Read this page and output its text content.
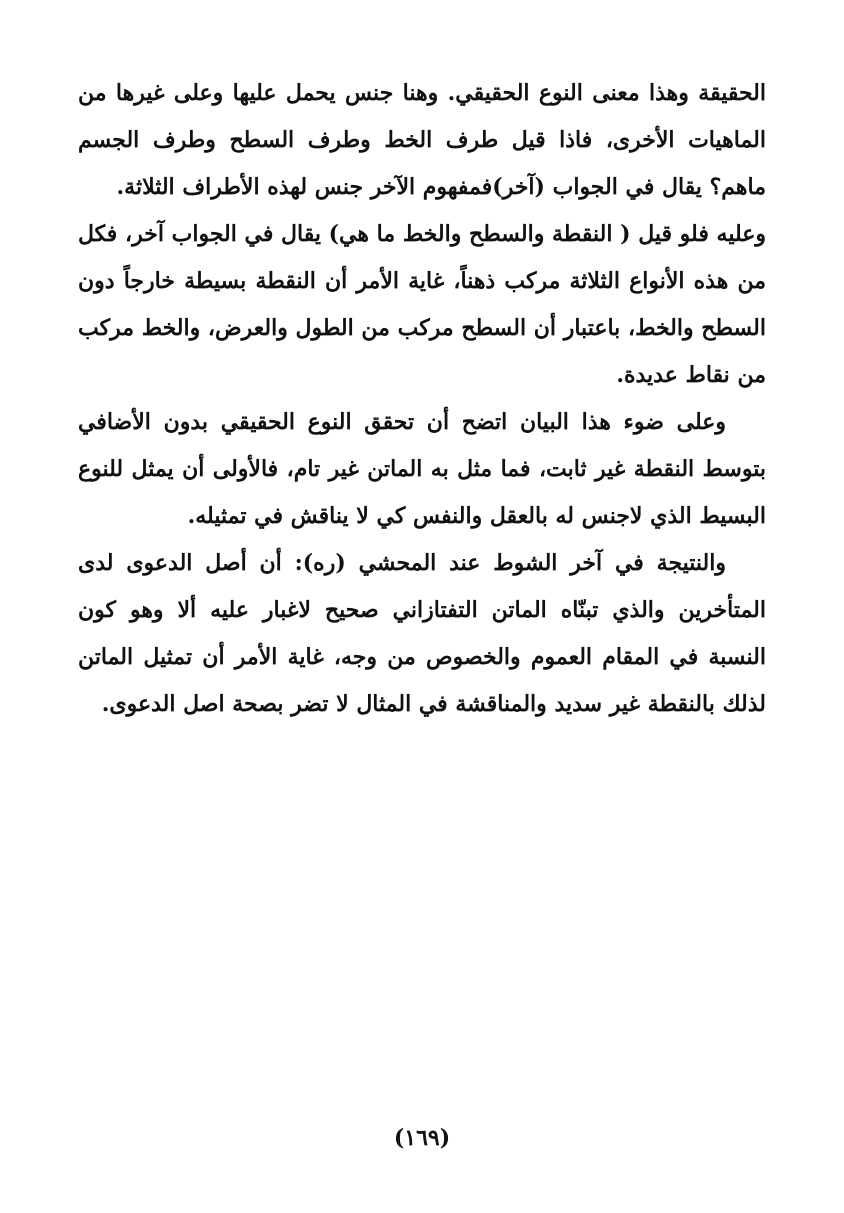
الحقيقة وهذا معنى النوع الحقيقي. وهنا جنس يحمل عليها وعلى غيرها من الماهيات الأخرى، فاذا قيل طرف الخط وطرف السطح وطرف الجسم ماهم؟ يقال في الجواب (آخر)فمفهوم الآخر جنس لهذه الأطراف الثلاثة.

وعليه فلو قيل ( النقطة والسطح والخط ما هي) يقال في الجواب آخر، فكل من هذه الأنواع الثلاثة مركب ذهناً، غاية الأمر أن النقطة بسيطة خارجاً دون السطح والخط، باعتبار أن السطح مركب من الطول والعرض، والخط مركب من نقاط عديدة.

وعلى ضوء هذا البيان اتضح أن تحقق النوع الحقيقي بدون الأضافي بتوسط النقطة غير ثابت، فما مثل به الماتن غير تام، فالأولى أن يمثل للنوع البسيط الذي لاجنس له بالعقل والنفس كي لا يناقش في تمثيله.

والنتيجة في آخر الشوط عند المحشي (ره): أن أصل الدعوى لدى المتأخرين والذي تبنّاه الماتن التفتازاني صحيح لاغبار عليه ألا وهو كون النسبة في المقام العموم والخصوص من وجه، غاية الأمر أن تمثيل الماتن لذلك بالنقطة غير سديد والمناقشة في المثال لا تضر بصحة اصل الدعوى.

(١٦٩)
